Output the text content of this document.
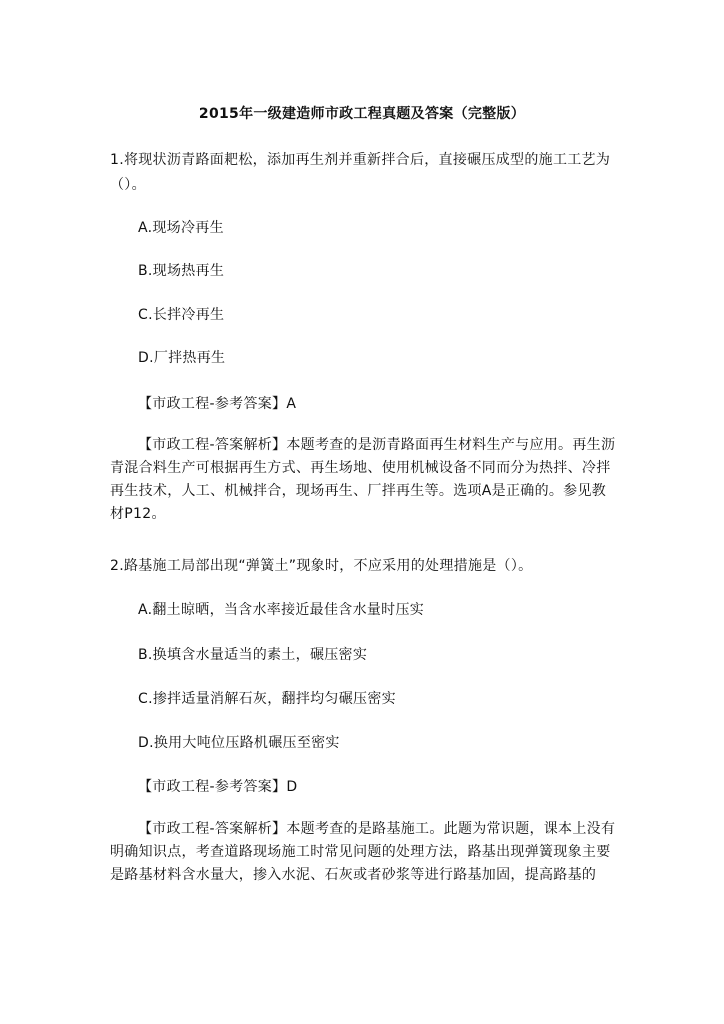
2015年一级建造师市政工程真题及答案（完整版）
1.将现状沥青路面耙松，添加再生剂并重新拌合后，直接碾压成型的施工工艺为
（）。
A.现场冷再生
B.现场热再生
C.长拌冷再生
D.厂拌热再生
【市政工程-参考答案】A
【市政工程-答案解析】本题考查的是沥青路面再生材料生产与应用。再生沥青混合料生产可根据再生方式、再生场地、使用机械设备不同而分为热拌、冷拌再生技术，人工、机械拌合，现场再生、厂拌再生等。选项A是正确的。参见教材P12。
2.路基施工局部出现“弹簧土”现象时，不应采用的处理措施是（）。
A.翻土晾晒，当含水率接近最佳含水量时压实
B.换填含水量适当的素土，碾压密实
C.掺拌适量消解石灰，翻拌均匀碾压密实
D.换用大吨位压路机碾压至密实
【市政工程-参考答案】D
【市政工程-答案解析】本题考查的是路基施工。此题为常识题，课本上没有明确知识点，考查道路现场施工时常见问题的处理方法，路基出现弹簧现象主要是路基材料含水量大，掺入水泥、石灰或者砂浆等进行路基加固，提高路基的
